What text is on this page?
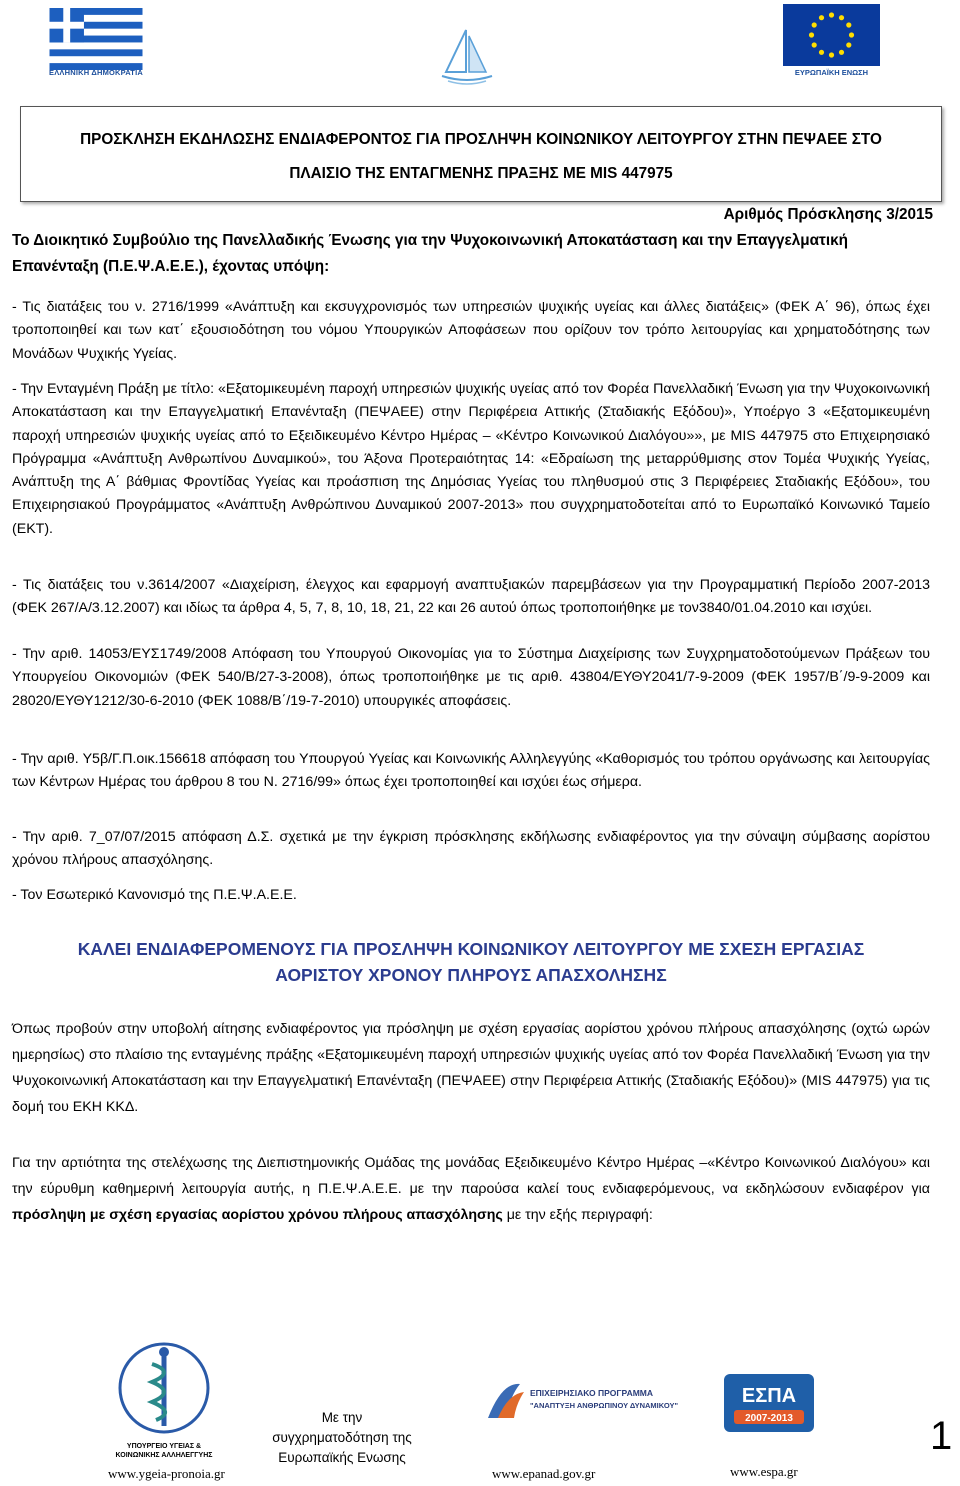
ΕΛΛΗΝΙΚΗ ΔΗΜΟΚΡΑΤΙΑ	ΕΥΡΩΠΑΪΚΗ ΕΝΩΣΗ
ΠΡΟΣΚΛΗΣΗ ΕΚΔΗΛΩΣΗΣ ΕΝΔΙΑΦΕΡΟΝΤΟΣ ΓΙΑ ΠΡΟΣΛΗΨΗ ΚΟΙΝΩΝΙΚΟΥ ΛΕΙΤΟΥΡΓΟΥ ΣΤΗΝ ΠΕΨΑΕΕ ΣΤΟ
ΠΛΑΙΣΙΟ ΤΗΣ ΕΝΤΑΓΜΕΝΗΣ ΠΡΑΞΗΣ ΜΕ MIS 447975
Αριθμός Πρόσκλησης 3/2015
Το Διοικητικό Συμβούλιο της Πανελλαδικής Ένωσης για την Ψυχοκοινωνική Αποκατάσταση και την Επαγγελματική
Επανένταξη (Π.Ε.Ψ.Α.Ε.Ε.), έχοντας υπόψη:
- Τις διατάξεις του ν. 2716/1999 «Ανάπτυξη και εκσυγχρονισμός των υπηρεσιών ψυχικής υγείας και άλλες διατάξεις» (ΦΕΚ Α΄ 96), όπως έχει τροποποιηθεί και των κατ΄ εξουσιοδότηση του νόμου Υπουργικών Αποφάσεων που ορίζουν τον τρόπο λειτουργίας και χρηματοδότησης των Μονάδων Ψυχικής Υγείας.
- Την Ενταγμένη Πράξη με τίτλο: «Εξατομικευμένη παροχή υπηρεσιών ψυχικής υγείας από τον Φορέα Πανελλαδική Ένωση για την Ψυχοκοινωνική Αποκατάσταση και την Επαγγελματική Επανένταξη (ΠΕΨΑΕΕ) στην Περιφέρεια Αττικής (Σταδιακής Εξόδου)», Υποέργο 3 «Εξατομικευμένη παροχή υπηρεσιών ψυχικής υγείας από το Εξειδικευμένο Κέντρο Ημέρας – «Κέντρο Κοινωνικού Διαλόγου»», με MIS 447975 στο Επιχειρησιακό Πρόγραμμα «Ανάπτυξη Ανθρωπίνου Δυναμικού», του Άξονα Προτεραιότητας 14: «Εδραίωση της μεταρρύθμισης στον Τομέα Ψυχικής Υγείας, Ανάπτυξη της Α΄ βάθμιας Φροντίδας Υγείας και προάσπιση της Δημόσιας Υγείας του πληθυσμού στις 3 Περιφέρειες Σταδιακής Εξόδου», του Επιχειρησιακού Προγράμματος «Ανάπτυξη Ανθρώπινου Δυναμικού 2007-2013» που συγχρηματοδοτείται από το Ευρωπαϊκό Κοινωνικό Ταμείο (ΕΚΤ).
- Τις διατάξεις του ν.3614/2007 «Διαχείριση, έλεγχος και εφαρμογή αναπτυξιακών παρεμβάσεων για την Προγραμματική Περίοδο 2007-2013 (ΦΕΚ 267/Α/3.12.2007) και ιδίως τα άρθρα 4, 5, 7, 8, 10, 18, 21, 22 και 26 αυτού όπως τροποποιήθηκε με τον3840/01.04.2010 και ισχύει.
- Την αριθ. 14053/ΕΥΣ1749/2008 Απόφαση του Υπουργού Οικονομίας για το Σύστημα Διαχείρισης των Συγχρηματοδοτούμενων Πράξεων του Υπουργείου Οικονομιών (ΦΕΚ 540/Β/27-3-2008), όπως τροποποιήθηκε με τις αριθ. 43804/ΕΥΘΥ2041/7-9-2009 (ΦΕΚ 1957/Β΄/9-9-2009 και 28020/ΕΥΘΥ1212/30-6-2010 (ΦΕΚ 1088/Β΄/19-7-2010) υπουργικές αποφάσεις.
- Την αριθ. Υ5β/Γ.Π.οικ.156618 απόφαση του Υπουργού Υγείας και Κοινωνικής Αλληλεγγύης «Καθορισμός του τρόπου οργάνωσης και λειτουργίας των Κέντρων Ημέρας του άρθρου 8 του Ν. 2716/99» όπως έχει τροποποιηθεί και ισχύει έως σήμερα.
- Την αριθ. 7_07/07/2015 απόφαση Δ.Σ. σχετικά με την έγκριση πρόσκλησης εκδήλωσης ενδιαφέροντος για την σύναψη σύμβασης αορίστου χρόνου πλήρους απασχόλησης.
- Τον Εσωτερικό Κανονισμό της Π.Ε.Ψ.Α.Ε.Ε.
ΚΑΛΕΙ ΕΝΔΙΑΦΕΡΟΜΕΝΟΥΣ ΓΙΑ ΠΡΟΣΛΗΨΗ ΚΟΙΝΩΝΙΚΟΥ ΛΕΙΤΟΥΡΓΟΥ ΜΕ ΣΧΕΣΗ ΕΡΓΑΣΙΑΣ
ΑΟΡΙΣΤΟΥ ΧΡΟΝΟΥ ΠΛΗΡΟΥΣ ΑΠΑΣΧΟΛΗΣΗΣ
Όπως προβούν στην υποβολή αίτησης ενδιαφέροντος για πρόσληψη με σχέση εργασίας αορίστου χρόνου πλήρους απασχόλησης (οχτώ ωρών ημερησίως) στο πλαίσιο της ενταγμένης πράξης «Εξατομικευμένη παροχή υπηρεσιών ψυχικής υγείας από τον Φορέα Πανελλαδική Ένωση για την Ψυχοκοινωνική Αποκατάσταση και την Επαγγελματική Επανένταξη (ΠΕΨΑΕΕ) στην Περιφέρεια Αττικής (Σταδιακής Εξόδου)» (MIS 447975) για τις δομή του ΕΚΗ ΚΚΔ.
Για την αρτιότητα της στελέχωσης της Διεπιστημονικής Ομάδας της μονάδας Εξειδικευμένο Κέντρο Ημέρας –«Κέντρο Κοινωνικού Διαλόγου» και την εύρυθμη καθημερινή λειτουργία αυτής, η Π.Ε.Ψ.Α.Ε.Ε. με την παρούσα καλεί τους ενδιαφερόμενους, να εκδηλώσουν ενδιαφέρον για πρόσληψη με σχέση εργασίας αορίστου χρόνου πλήρους απασχόλησης με την εξής περιγραφή:
ΥΠΟΥΡΓΕΙΟ ΥΓΕΙΑΣ & ΚΟΙΝΩΝΙΚΗΣ ΑΛΛΗΛΕΓΓΥΗΣ
www.ygeia-pronoia.gr
Με την
συγχρηματοδότηση της
Ευρωπαϊκής Ενωσης
ΕΠΙΧΕΙΡΗΣΙΑΚΟ ΠΡΟΓΡΑΜΜΑ
"ΑΝΑΠΤΥΞΗ ΑΝΘΡΩΠΙΝΟΥ ΔΥΝΑΜΙΚΟΥ"
www.epanad.gov.gr
ΕΣΠΑ
2007-2013
www.espa.gr
1
